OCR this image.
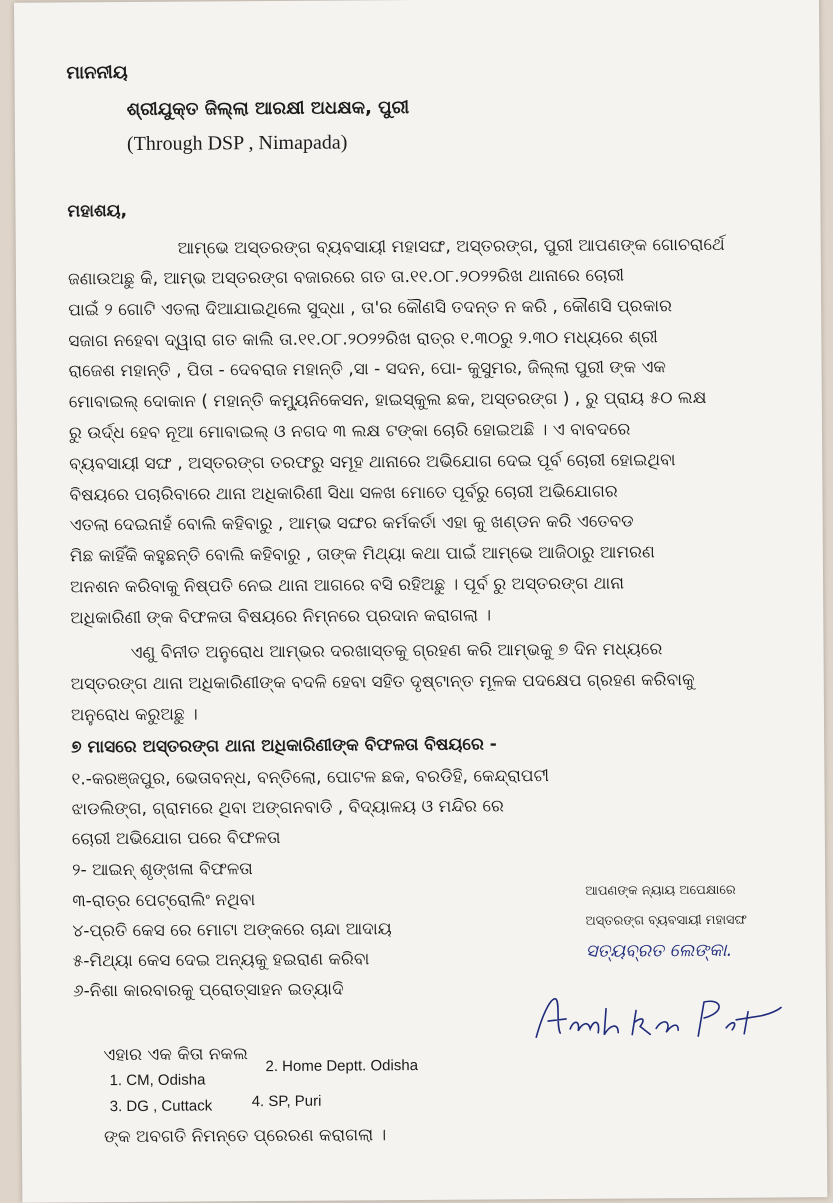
ମାନନୀୟ
ଶ୍ରୀଯୁକ୍ତ ଜିଲ୍ଲା ଆରକ୍ଷୀ ଅଧକ୍ଷକ, ପୁରୀ
(Through DSP , Nimapada)
ମହାଶୟ,
ଆମ୍ଭେ ଅସ୍ତରଙ୍ଗ ବ୍ୟବସାୟୀ ମହାସଙ୍ଘ, ଅସ୍ତରଙ୍ଗ, ପୁରୀ ଆପଣଙ୍କ ଗୋଚରାର୍ଥେ
ଜଣାଉଅଛୁ କି, ଆମ୍ଭ ଅସ୍ତରଙ୍ଗ ବଜାରରେ ଗତ ତା.୧୧.୦୮.୨୦୨୨ରିଖ ଥାନାରେ ଚୋରୀ
ପାଇଁ ୨ ଗୋଟି ଏତଲା ଦିଆଯାଇଥିଲେ ସୁଦ୍ଧା , ତା'ର କୌଣସି ତଦନ୍ତ ନ କରି , କୌଣସି ପ୍ରକାର
ସଜାଗ ନହେବା ଦ୍ୱାରା ଗତ କାଲି ତା.୧୧.୦୮.୨୦୨୨ରିଖ ରାତ୍ର ୧.୩୦ରୁ ୨.୩୦ ମଧ୍ୟରେ ଶ୍ରୀ
ରାଜେଶ ମହାନ୍ତି , ପିତା - ଦେବରାଜ ମହାନ୍ତି ,ସା - ସଦନ, ପୋ- କୁସୁମର, ଜିଲ୍ଲା ପୁରୀ ଙ୍କ ଏକ
ମୋବାଇଲ୍ ଦୋକାନ ( ମହାନ୍ତି କମ୍ୟୁନିକେସନ, ହାଇସ୍କୁଲ ଛକ, ଅସ୍ତରଙ୍ଗ ) , ରୁ ପ୍ରାୟ ୫୦ ଲକ୍ଷ
ରୁ ଉର୍ଦ୍ଧ ହେବ ନୂଆ ମୋବାଇଲ୍ ଓ ନଗଦ ୩ ଲକ୍ଷ ଟଙ୍କା ଚୋରି ହୋଇଅଛି । ଏ ବାବଦରେ
ବ୍ୟବସାୟୀ ସଙ୍ଘ , ଅସ୍ତରଙ୍ଗ ତରଫରୁ ସମୂହ ଥାନାରେ ଅଭିଯୋଗ ଦେଇ ପୂର୍ବ ଚୋରୀ ହୋଇଥିବା
ବିଷୟରେ ପଚାରିବାରେ ଥାନା ଅଧିକାରିଣୀ ସିଧା ସଳଖ ମୋତେ ପୂର୍ବରୁ ଚୋରୀ ଅଭିଯୋଗର
ଏତଲା ଦେଇନାହଁ ବୋଲି କହିବାରୁ , ଆମ୍ଭ ସଙ୍ଘର କର୍ମକର୍ତା ଏହା କୁ ଖଣ୍ଡନ କରି ଏତେବଡ
ମିଛ କାହିଁକି କହୁଛନ୍ତି ବୋଲି କହିବାରୁ , ତାଙ୍କ ମିଥ୍ୟା କଥା ପାଇଁ ଆମ୍ଭେ ଆଜିଠାରୁ ଆମରଣ
ଅନଶନ କରିବାକୁ ନିଷ୍ପତି ନେଇ ଥାନା ଆଗରେ ବସି ରହିଅଛୁ । ପୂର୍ବ ରୁ ଅସ୍ତରଙ୍ଗ ଥାନା
ଅଧିକାରିଣୀ ଙ୍କ ବିଫଳତା ବିଷୟରେ ନିମ୍ନରେ ପ୍ରଦାନ କରାଗଲା ।
ଏଣୁ ବିନୀତ ଅନୁରୋଧ ଆମ୍ଭର ଦରଖାସ୍ତକୁ ଗ୍ରହଣ କରି ଆମ୍ଭକୁ ୭ ଦିନ ମଧ୍ୟରେ
ଅସ୍ତରଙ୍ଗ ଥାନା ଅଧିକାରିଣୀଙ୍କ ବଦଳି ହେବା ସହିତ ଦୃଷ୍ଟାନ୍ତ ମୂଳକ ପଦକ୍ଷେପ ଗ୍ରହଣ କରିବାକୁ
ଅନୁରୋଧ କରୁଅଛୁ ।
୭ ମାସରେ ଅସ୍ତରଙ୍ଗ ଥାନା ଅଧିକାରିଣୀଙ୍କ ବିଫଳତା ବିଷୟରେ -
୧.-କରଞ୍ଜପୁର, ଭେତାବନ୍ଧ, ବନ୍ତିଲୋ, ପୋଟଳ ଛକ, ବରଡିହି, କେନ୍ଦ୍ରାପଟୀ
ଝାଡଲିଙ୍ଗ, ଗ୍ରାମରେ ଥିବା ଅଙ୍ଗନବାଡି , ବିଦ୍ୟାଳୟ ଓ ମନ୍ଦିର ରେ
ଚୋରୀ ଅଭିଯୋଗ ପରେ ବିଫଳତା
୨- ଆଇନ୍ ଶୃଙ୍ଖଳା ବିଫଳତା
୩-ରାତ୍ର ପେଟ୍ରୋଲିଂ ନଥିବା
୪-ପ୍ରତି କେସ ରେ ମୋଟା ଅଙ୍କରେ ଚାନ୍ଦା ଆଦାୟ
୫-ମିଥ୍ୟା କେସ ଦେଇ ଅନ୍ୟକୁ ହଇରାଣ କରିବା
୬-ନିଶା କାରବାରକୁ ପ୍ରୋତ୍ସାହନ ଇତ୍ୟାଦି
ଆପଣଙ୍କ ନ୍ୟାୟ ଅପେକ୍ଷାରେ
ଅସ୍ତରଙ୍ଗ ବ୍ୟବସାୟୀ ମହାସଙ୍ଘ
ସତ୍ୟବ୍ରତ ଲେଙ୍କା.
ଏହାର ଏକ କିତା ନକଲ
1. CM, Odisha
2. Home Deptt. Odisha
3. DG , Cuttack	4. SP, Puri
ଙ୍କ ଅବଗତି ନିମନ୍ତେ ପ୍ରେରଣ କରାଗଲା ।
